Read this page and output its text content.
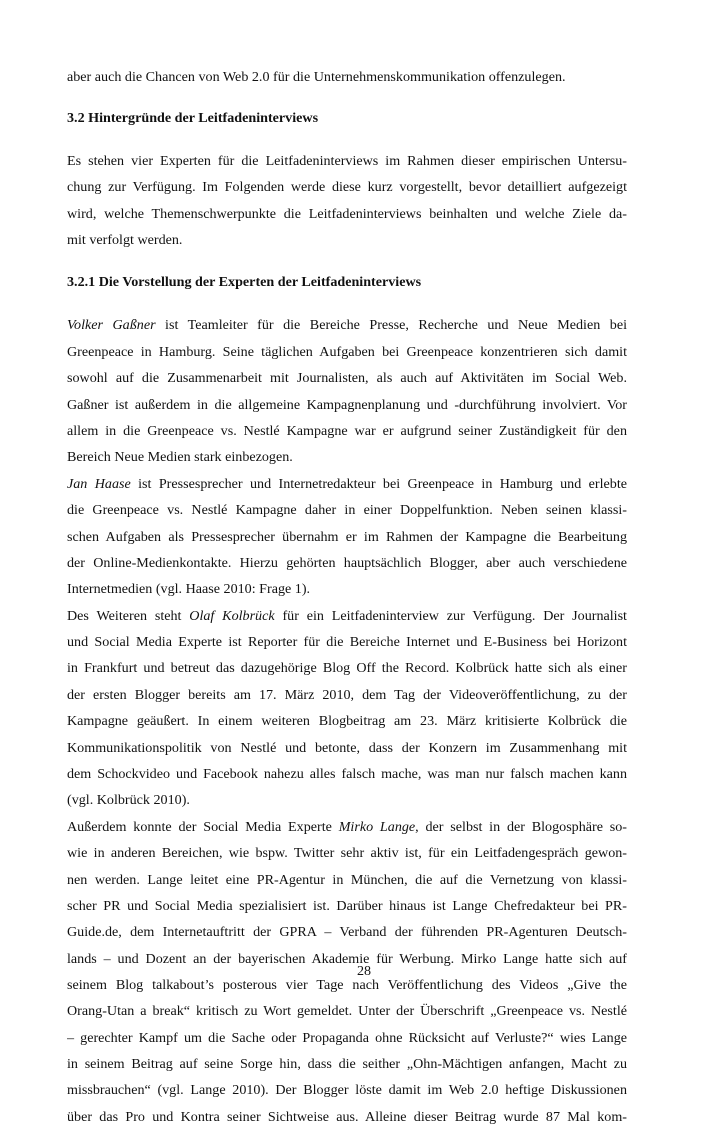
aber auch die Chancen von Web 2.0 für die Unternehmenskommunikation offenzulegen.
3.2 Hintergründe der Leitfadeninterviews
Es stehen vier Experten für die Leitfadeninterviews im Rahmen dieser empirischen Untersu-
chung zur Verfügung. Im Folgenden werde diese kurz vorgestellt, bevor detailliert aufgezeigt
wird, welche Themenschwerpunkte die Leitfadeninterviews beinhalten und welche Ziele da-
mit verfolgt werden.
3.2.1 Die Vorstellung der Experten der Leitfadeninterviews
Volker Gaßner ist Teamleiter für die Bereiche Presse, Recherche und Neue Medien bei
Greenpeace in Hamburg. Seine täglichen Aufgaben bei Greenpeace konzentrieren sich damit
sowohl auf die Zusammenarbeit mit Journalisten, als auch auf Aktivitäten im Social Web.
Gaßner ist außerdem in die allgemeine Kampagnenplanung und -durchführung involviert. Vor
allem in die Greenpeace vs. Nestlé Kampagne war er aufgrund seiner Zuständigkeit für den
Bereich Neue Medien stark einbezogen.
Jan Haase ist Pressesprecher und Internetredakteur bei Greenpeace in Hamburg und erlebte
die Greenpeace vs. Nestlé Kampagne daher in einer Doppelfunktion. Neben seinen klassi-
schen Aufgaben als Pressesprecher übernahm er im Rahmen der Kampagne die Bearbeitung
der Online-Medienkontakte. Hierzu gehörten hauptsächlich Blogger, aber auch verschiedene
Internetmedien (vgl. Haase 2010: Frage 1).
Des Weiteren steht Olaf Kolbrück für ein Leitfadeninterview zur Verfügung. Der Journalist
und Social Media Experte ist Reporter für die Bereiche Internet und E-Business bei Horizont
in Frankfurt und betreut das dazugehörige Blog Off the Record. Kolbrück hatte sich als einer
der ersten Blogger bereits am 17. März 2010, dem Tag der Videoveröffentlichung, zu der
Kampagne geäußert. In einem weiteren Blogbeitrag am 23. März kritisierte Kolbrück die
Kommunikationspolitik von Nestlé und betonte, dass der Konzern im Zusammenhang mit
dem Schockvideo und Facebook nahezu alles falsch mache, was man nur falsch machen kann
(vgl. Kolbrück 2010).
Außerdem konnte der Social Media Experte Mirko Lange, der selbst in der Blogosphäre so-
wie in anderen Bereichen, wie bspw. Twitter sehr aktiv ist, für ein Leitfadengespräch gewon-
nen werden. Lange leitet eine PR-Agentur in München, die auf die Vernetzung von klassi-
scher PR und Social Media spezialisiert ist. Darüber hinaus ist Lange Chefredakteur bei PR-
Guide.de, dem Internetauftritt der GPRA – Verband der führenden PR-Agenturen Deutsch-
lands – und Dozent an der bayerischen Akademie für Werbung. Mirko Lange hatte sich auf
seinem Blog talkabout’s posterous vier Tage nach Veröffentlichung des Videos „Give the
Orang-Utan a break“ kritisch zu Wort gemeldet. Unter der Überschrift „Greenpeace vs. Nestlé
– gerechter Kampf um die Sache oder Propaganda ohne Rücksicht auf Verluste?“ wies Lange
in seinem Beitrag auf seine Sorge hin, dass die seither „Ohn-Mächtigen anfangen, Macht zu
missbrauchen“ (vgl. Lange 2010). Der Blogger löste damit im Web 2.0 heftige Diskussionen
über das Pro und Kontra seiner Sichtweise aus. Alleine dieser Beitrag wurde 87 Mal kom-
28
